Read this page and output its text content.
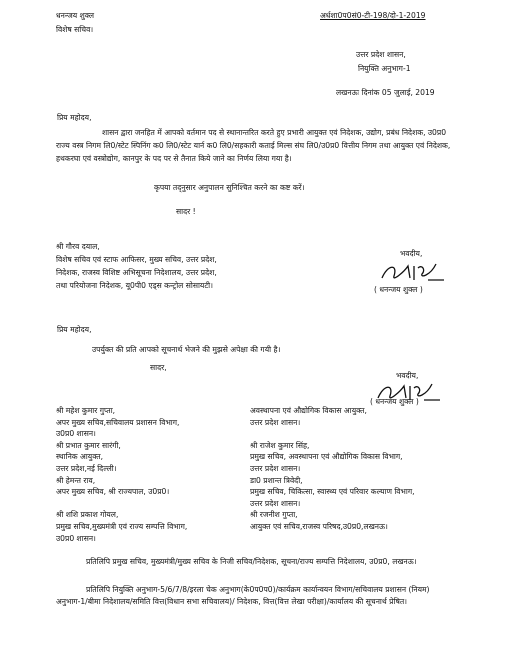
धनन्जय शुक्ल
विशेष सचिव।
अर्धशा0प0सं0-टी-198/दो-1-2019
उत्तर प्रदेश शासन,
नियुक्ति अनुभाग-1
लखनऊः दिनांक 05 जुलाई, 2019
प्रिय महोदय,
शासन द्वारा जनहित में आपको वर्तमान पद से स्थानान्तरित करते हुए प्रभारी आयुक्त एवं निदेशक, उद्योग, प्रबंध निदेशक, उ0प्र0 राज्य वस्त्र निगम लि0/स्टेट स्पिनिंग क0 लि0/स्टेट यार्न क0 लि0/सहकारी कताई मिल्स संघ लि0/उ0प्र0 वित्तीय निगम तथा आयुक्त एवं निदेशक, हथकरघा एवं वस्त्रोद्योग, कानपुर के पद पर से तैनात किये जाने का निर्णय लिया गया है।
कृपया तद्नुसार अनुपालन सुनिश्चित करने का कष्ट करें।
सादर !
भवदीय,
( धनन्जय शुक्ल )
श्री गौरव दयाल,
विशेष सचिव एवं स्टाफ आफिसर, मुख्य सचिव, उत्तर प्रदेश,
निदेशक, राजस्व विशिष्ट अभिसूचना निदेशालय, उत्तर प्रदेश,
तथा परियोजना निदेशक, यू0पी0 एड्स कन्ट्रोल सोसायटी।
प्रिय महोदय,
उपर्युक्त की प्रति आपको सूचनार्थ भेजने की मुझसे अपेक्षा की गयी है।
सादर,
भवदीय,
( धनन्जय शुक्ल )
श्री महेश कुमार गुप्ता,
अपर मुख्य सचिव,सचिवालय प्रशासन विभाग,
उ0प्र0 शासन।
श्री प्रभात कुमार सारंगी,
स्थानिक आयुक्त,
उत्तर प्रदेश,नई दिल्ली।
श्री हेमन्त राव,
अपर मुख्य सचिव, श्री राज्यपाल, उ0प्र0।
श्री शशि प्रकाश गोयल,
प्रमुख सचिव,मुख्यमंत्री एवं राज्य सम्पत्ति विभाग,
उ0प्र0 शासन।
अवस्थापना एवं औद्योगिक विकास आयुक्त,
उत्तर प्रदेश शासन।
श्री राजेश कुमार सिंह,
प्रमुख सचिव, अवस्थापना एवं औद्योगिक विकास विभाग,
उत्तर प्रदेश शासन।
डा0 प्रशान्त त्रिवेदी,
प्रमुख सचिव, चिकित्सा, स्वास्थ्य एवं परिवार कल्याण विभाग,
उत्तर प्रदेश शासन।
श्री रजनीश गुप्ता,
आयुक्त एवं सचिव,राजस्व परिषद,उ0प्र0,लखनऊ।
प्रतिलिपि प्रमुख सचिव, मुख्यमंत्री/मुख्य सचिव के निजी सचिव/निदेशक, सूचना/राज्य सम्पत्ति निदेशालय, उ0प्र0, लखनऊ।
प्रतिलिपि नियुक्ति अनुभाग-5/6/7/8/इरला चेक अनुभाग(के0प0प0)/कार्यक्रम कार्यान्वयन विभाग/सचिवालय प्रशासन (नियम) अनुभाग-1/बीमा निदेशालय/समिति वित्त(विधान सभा सचिवालय)/ निदेशक, वित्त(वित्त लेखा परीक्षा)/कार्यालय की सूचनार्थ प्रेषित।
